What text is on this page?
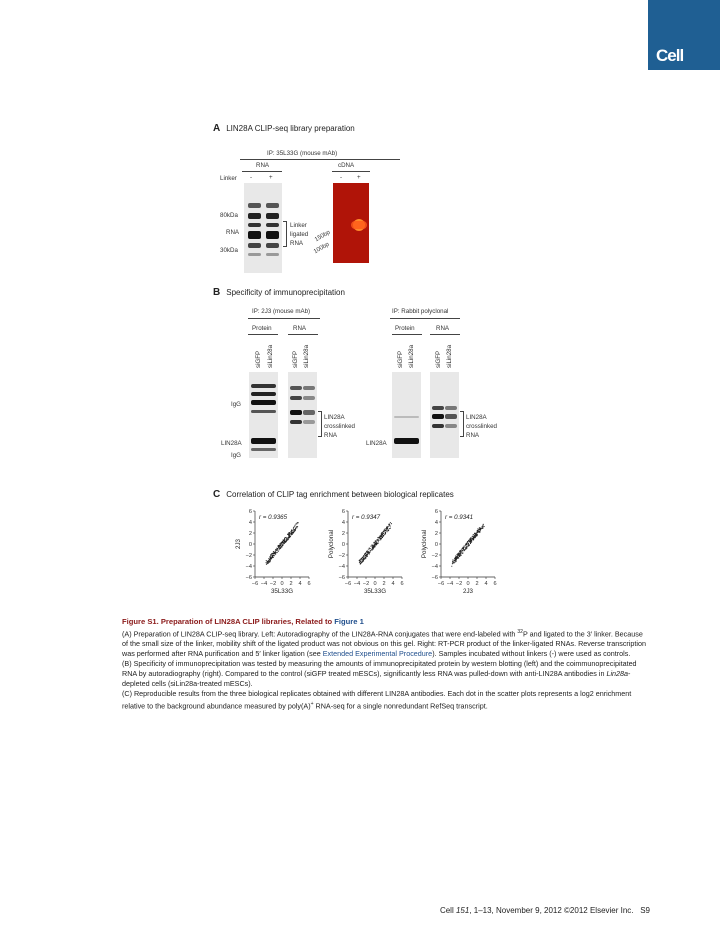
Cell
A LIN28A CLIP-seq library preparation
IP: 35L33G (mouse mAb)
RNA	cDNA
Linker -	+	- +
80kDa
RNA
30kDa
Linker
ligated
RNA
150bp
100bp
B Specificity of immunoprecipitation
IP: 2J3 (mouse mAb)	IP: Rabbit polyclonal
Protein	RNA	Protein	RNA
siGFP siLin28a	siGFP siLin28a	siGFP siLin28a	siGFP siLin28a
IgG
LIN28A
IgG
LIN28A
crosslinked
RNA
LIN28A
LIN28A
crosslinked
RNA
C Correlation of CLIP tag enrichment between biological replicates
−6 −4 −2 0 2 4 6
6
4
2
0
−2
−4
−6
r = 0.9365
35L33G
2J3
−6 −4 −2 0 2 4 6
6
4
2
0
−2
−4
−6
r = 0.9347
35L33G
Polyclonal
−6 −4 −2 0 2 4 6
6
4
2
0
−2
−4
−6
r = 0.9341
2J3
Polyclonal

Figure S1. Preparation of LIN28A CLIP libraries, Related to Figure 1

(A) Preparation of LIN28A CLIP-seq library. Left: Autoradiography of the LIN28A-RNA conjugates that were end-labeled with $^{32}$P and ligated to the 3′ linker. Because of the small size of the linker, mobility shift of the ligated product was not obvious on this gel. Right: RT-PCR product of the linker-ligated RNAs. Reverse transcription was performed after RNA purification and 5′ linker ligation (see Extended Experimental Procedure). Samples incubated without linkers (-) were used as controls.

(B) Specificity of immunoprecipitation was tested by measuring the amounts of immunoprecipitated protein by western blotting (left) and the coimmunoprecipitated RNA by autoradiography (right). Compared to the control (siGFP treated mESCs), significantly less RNA was pulled-down with anti-LIN28A antibodies in Lin28a-depleted cells (siLin28a-treated mESCs).

(C) Reproducible results from the three biological replicates obtained with different LIN28A antibodies. Each dot in the scatter plots represents a log2 enrichment relative to the background abundance measured by poly(A)+ RNA-seq for a single nonredundant RefSeq transcript.

Cell 151, 1–13, November 9, 2012 ©2012 Elsevier Inc. S9
